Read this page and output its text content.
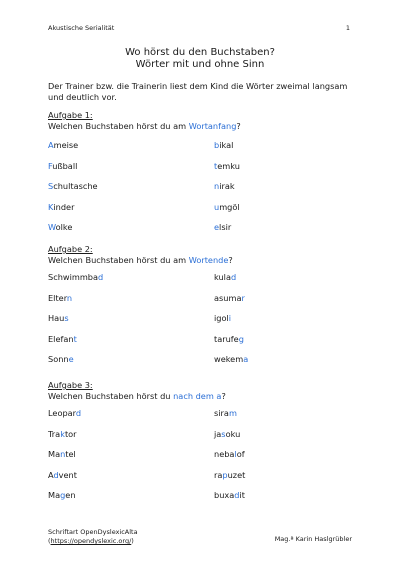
Akustische Serialität	1
Wo hörst du den Buchstaben?
Wörter mit und ohne Sinn
Der Trainer bzw. die Trainerin liest dem Kind die Wörter zweimal langsam und deutlich vor.
Aufgabe 1:
Welchen Buchstaben hörst du am Wortanfang?
Ameise	bikal
Fußball	temku
Schultasche	nirak
Kinder	umgöl
Wolke	elsir
Aufgabe 2:
Welchen Buchstaben hörst du am Wortende?
Schwimmbad	kulad
Eltern	asumar
Haus	igoli
Elefant	tarufeg
Sonne	wekema
Aufgabe 3:
Welchen Buchstaben hörst du nach dem a?
Leopard	siram
Traktor	jasoku
Mantel	nebalof
Advent	rapuzet
Magen	buxadit
Schriftart OpenDyslexicAlta
(https://opendyslexic.org/)	Mag.ª Karin Haslgrübler
